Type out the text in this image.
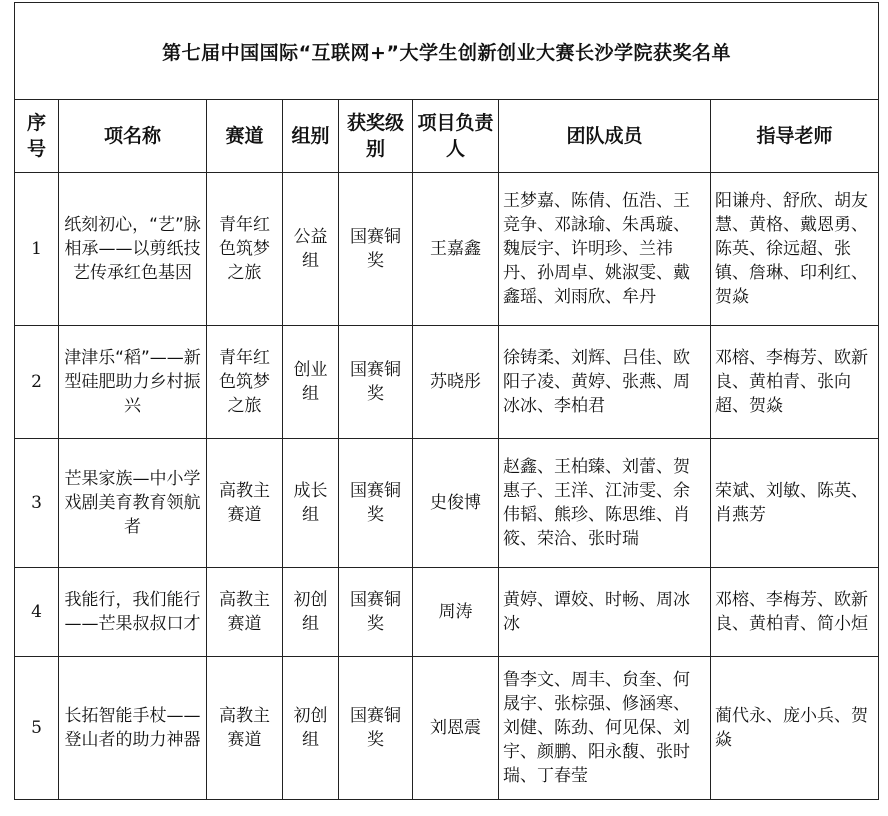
第七届中国国际“互联网+”大学生创新创业大赛长沙学院获奖名单							
序号	项名称	赛道	组别	获奖级别	项目负责人	团队成员	指导老师
1	纸刻初心，“艺”脉相承——以剪纸技艺传承红色基因	青年红色筑梦之旅	公益组	国赛铜奖	王嘉鑫	王梦嘉、陈倩、伍浩、王竞争、邓詠瑜、朱禹璇、魏辰宇、许明珍、兰祎丹、孙周卓、姚淑雯、戴鑫瑶、刘雨欣、牟丹	阳谦舟、舒欣、胡友慧、黄格、戴恩勇、陈英、徐远超、张镇、詹琳、印利红、贺焱
2	津津乐“稻”——新型硅肥助力乡村振兴	青年红色筑梦之旅	创业组	国赛铜奖	苏晓彤	徐铸柔、刘辉、吕佳、欧阳子凌、黄婷、张燕、周冰冰、李柏君	邓榕、李梅芳、欧新良、黄柏青、张向超、贺焱
3	芒果家族—中小学戏剧美育教育领航者	高教主赛道	成长组	国赛铜奖	史俊博	赵鑫、王柏臻、刘蕾、贺惠子、王洋、江沛雯、余伟韬、熊珍、陈思维、肖筱、荣洽、张时瑞	荣斌、刘敏、陈英、肖燕芳
4	我能行，我们能行——芒果叔叔口才	高教主赛道	初创组	国赛铜奖	周涛	黄婷、谭姣、时畅、周冰冰	邓榕、李梅芳、欧新良、黄柏青、简小烜
5	长拓智能手杖——登山者的助力神器	高教主赛道	初创组	国赛铜奖	刘恩震	鲁李文、周丰、贠奎、何晟宇、张棕强、修涵寒、刘健、陈劲、何见保、刘宇、颜鹏、阳永馥、张时瑞、丁春莹	蔺代永、庞小兵、贺焱
